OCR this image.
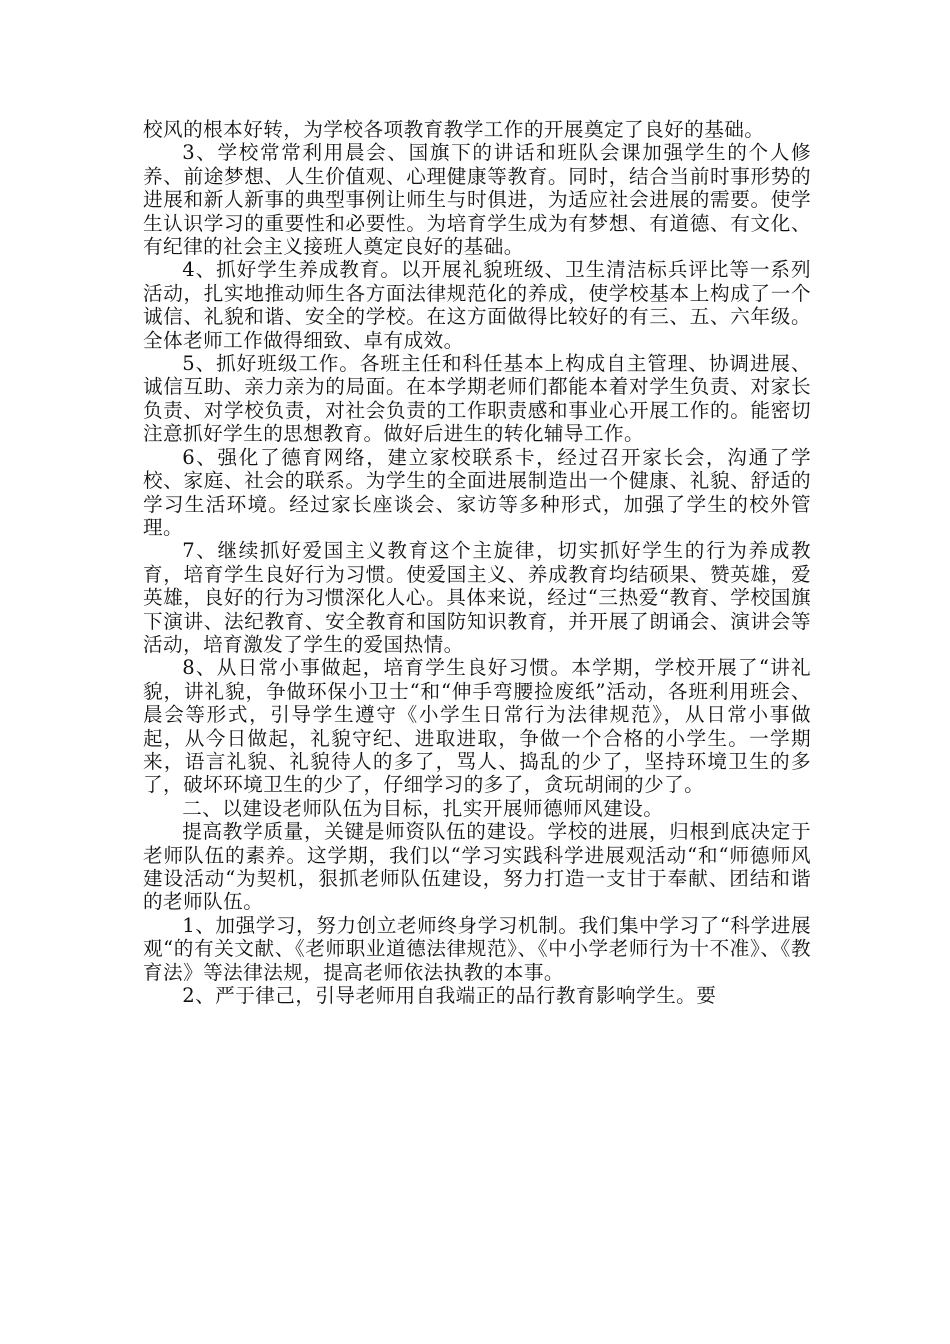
校风的根本好转，为学校各项教育教学工作的开展奠定了良好的基础。

3、学校常常利用晨会、国旗下的讲话和班队会课加强学生的个人修养、前途梦想、人生价值观、心理健康等教育。同时，结合当前时事形势的进展和新人新事的典型事例让师生与时俱进，为适应社会进展的需要。使学生认识学习的重要性和必要性。为培育学生成为有梦想、有道德、有文化、有纪律的社会主义接班人奠定良好的基础。

4、抓好学生养成教育。以开展礼貌班级、卫生清洁标兵评比等一系列活动，扎实地推动师生各方面法律规范化的养成，使学校基本上构成了一个诚信、礼貌和谐、安全的学校。在这方面做得比较好的有三、五、六年级。全体老师工作做得细致、卓有成效。

5、抓好班级工作。各班主任和科任基本上构成自主管理、协调进展、诚信互助、亲力亲为的局面。在本学期老师们都能本着对学生负责、对家长负责、对学校负责，对社会负责的工作职责感和事业心开展工作的。能密切注意抓好学生的思想教育。做好后进生的转化辅导工作。

6、强化了德育网络，建立家校联系卡，经过召开家长会，沟通了学校、家庭、社会的联系。为学生的全面进展制造出一个健康、礼貌、舒适的学习生活环境。经过家长座谈会、家访等多种形式，加强了学生的校外管理。

7、继续抓好爱国主义教育这个主旋律，切实抓好学生的行为养成教育，培育学生良好行为习惯。使爱国主义、养成教育均结硕果、赞英雄，爱英雄，良好的行为习惯深化人心。具体来说，经过“三热爱“教育、学校国旗下演讲、法纪教育、安全教育和国防知识教育，并开展了朗诵会、演讲会等活动，培育激发了学生的爱国热情。

8、从日常小事做起，培育学生良好习惯。本学期，学校开展了“讲礼貌，讲礼貌，争做环保小卫士“和“伸手弯腰捡废纸”活动，各班利用班会、晨会等形式，引导学生遵守《小学生日常行为法律规范》，从日常小事做起，从今日做起，礼貌守纪、进取进取，争做一个合格的小学生。一学期来，语言礼貌、礼貌待人的多了，骂人、捣乱的少了，坚持环境卫生的多了，破坏环境卫生的少了，仔细学习的多了，贪玩胡闹的少了。

二、以建设老师队伍为目标，扎实开展师德师风建设。

提高教学质量，关键是师资队伍的建设。学校的进展，归根到底决定于老师队伍的素养。这学期，我们以“学习实践科学进展观活动“和“师德师风建设活动“为契机，狠抓老师队伍建设，努力打造一支甘于奉献、团结和谐的老师队伍。

1、加强学习，努力创立老师终身学习机制。我们集中学习了“科学进展观“的有关文献、《老师职业道德法律规范》、《中小学老师行为十不准》、《教育法》等法律法规，提高老师依法执教的本事。

2、严于律己，引导老师用自我端正的品行教育影响学生。要
